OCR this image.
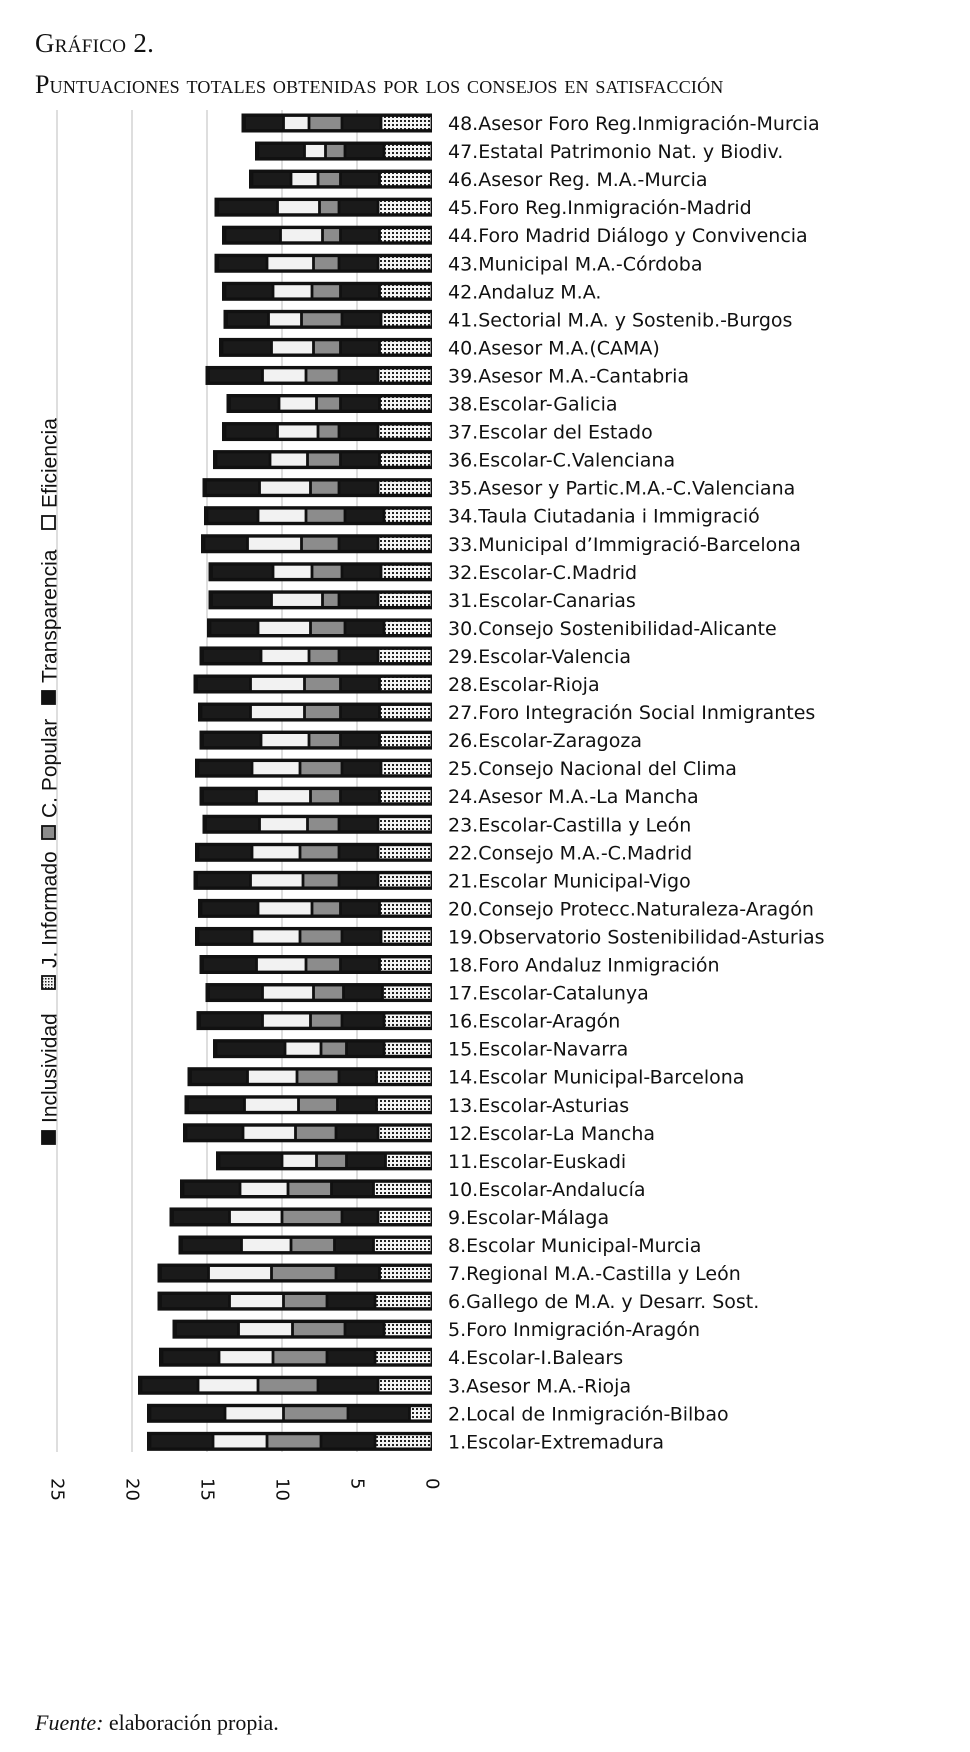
Gráfico 2.
Puntuaciones totales obtenidas por los consejos en satisfacción
1.Escolar-Extremadura
2.Local de Inmigración-Bilbao
3.Asesor M.A.-Rioja
4.Escolar-I.Balears
5.Foro Inmigración-Aragón
6.Gallego de M.A. y Desarr. Sost.
7.Regional M.A.-Castilla y León
8.Escolar Municipal-Murcia
9.Escolar-Málaga
10.Escolar-Andalucía
11.Escolar-Euskadi
12.Escolar-La Mancha
13.Escolar-Asturias
14.Escolar Municipal-Barcelona
15.Escolar-Navarra
16.Escolar-Aragón
17.Escolar-Catalunya
18.Foro Andaluz Inmigración
19.Observatorio Sostenibilidad-Asturias
20.Consejo Protecc.Naturaleza-Aragón
21.Escolar Municipal-Vigo
22.Consejo M.A.-C.Madrid
23.Escolar-Castilla y León
24.Asesor M.A.-La Mancha
25.Consejo Nacional del Clima
26.Escolar-Zaragoza
27.Foro Integración Social Inmigrantes
28.Escolar-Rioja
29.Escolar-Valencia
30.Consejo Sostenibilidad-Alicante
31.Escolar-Canarias
32.Escolar-C.Madrid
33.Municipal d’Immigració-Barcelona
34.Taula Ciutadania i Immigració
35.Asesor y Partic.M.A.-C.Valenciana
36.Escolar-C.Valenciana
37.Escolar del Estado
38.Escolar-Galicia
39.Asesor M.A.-Cantabria
40.Asesor M.A.(CAMA)
41.Sectorial M.A. y Sostenib.-Burgos
42.Andaluz M.A.
43.Municipal M.A.-Córdoba
44.Foro Madrid Diálogo y Convivencia
45.Foro Reg.Inmigración-Madrid
46.Asesor Reg. M.A.-Murcia
47.Estatal Patrimonio Nat. y Biodiv.
48.Asesor Foro Reg.Inmigración-Murcia
0
5
10
15
20
25
Inclusividad
J. Informado
C. Popular
Transparencia
Eficiencia
Fuente: elaboración propia.
